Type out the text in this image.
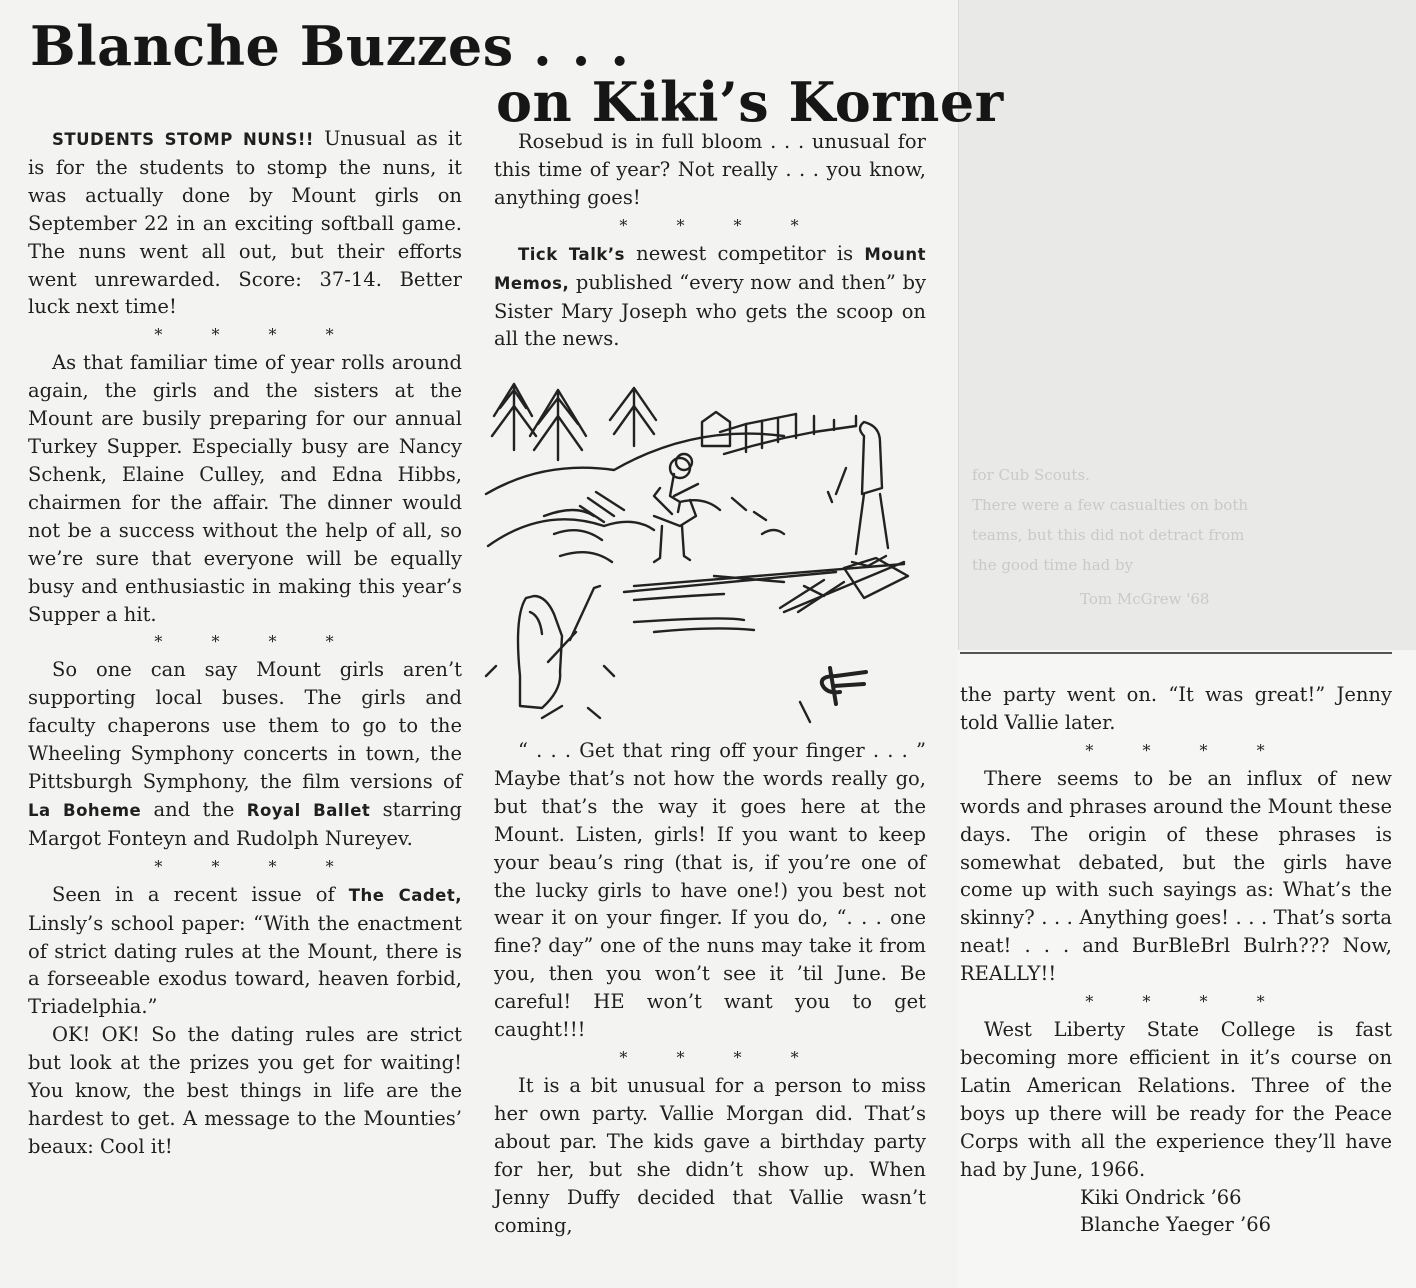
for Cub Scouts.
There were a few casualties on both
teams, but this did not detract from
the good time had by
Tom McGrew '68
Blanche Buzzes . . .
on Kiki’s Korner

STUDENTS STOMP NUNS!! Unusual as it is for the students to stomp the nuns, it was actually done by Mount girls on September 22 in an exciting softball game. The nuns went all out, but their efforts went unrewarded. Score: 37-14. Better luck next time!

* * * *

As that familiar time of year rolls around again, the girls and the sisters at the Mount are busily preparing for our annual Turkey Supper. Especially busy are Nancy Schenk, Elaine Culley, and Edna Hibbs, chairmen for the affair. The dinner would not be a success without the help of all, so we’re sure that everyone will be equally busy and enthusiastic in making this year’s Supper a hit.

* * * *

So one can say Mount girls aren’t supporting local buses. The girls and faculty chaperons use them to go to the Wheeling Symphony concerts in town, the Pittsburgh Symphony, the film versions of La Boheme and the Royal Ballet starring Margot Fonteyn and Rudolph Nureyev.

* * * *

Seen in a recent issue of The Cadet, Linsly’s school paper: “With the enactment of strict dating rules at the Mount, there is a forseeable exodus toward, heaven forbid, Triadelphia.”

OK! OK! So the dating rules are strict but look at the prizes you get for waiting! You know, the best things in life are the hardest to get. A message to the Mounties’ beaux: Cool it!

Rosebud is in full bloom . . . unusual for this time of year? Not really . . . you know, anything goes!

* * * *

Tick Talk’s newest competitor is Mount Memos, published “every now and then” by Sister Mary Joseph who gets the scoop on all the news.

“ . . . Get that ring off your finger . . . ” Maybe that’s not how the words really go, but that’s the way it goes here at the Mount. Listen, girls! If you want to keep your beau’s ring (that is, if you’re one of the lucky girls to have one!) you best not wear it on your finger. If you do, “. . . one fine? day” one of the nuns may take it from you, then you won’t see it ’til June. Be careful! HE won’t want you to get caught!!!

* * * *

It is a bit unusual for a person to miss her own party. Vallie Morgan did. That’s about par. The kids gave a birthday party for her, but she didn’t show up. When Jenny Duffy decided that Vallie wasn’t coming,

the party went on. “It was great!” Jenny told Vallie later.

* * * *

There seems to be an influx of new words and phrases around the Mount these days. The origin of these phrases is somewhat debated, but the girls have come up with such sayings as: What’s the skinny? . . . Anything goes! . . . That’s sorta neat! . . . and BurBleBrl Bulrh??? Now, REALLY!!

* * * *

West Liberty State College is fast becoming more efficient in it’s course on Latin American Relations. Three of the boys up there will be ready for the Peace Corps with all the experience they’ll have had by June, 1966.

Kiki Ondrick ’66

Blanche Yaeger ’66
